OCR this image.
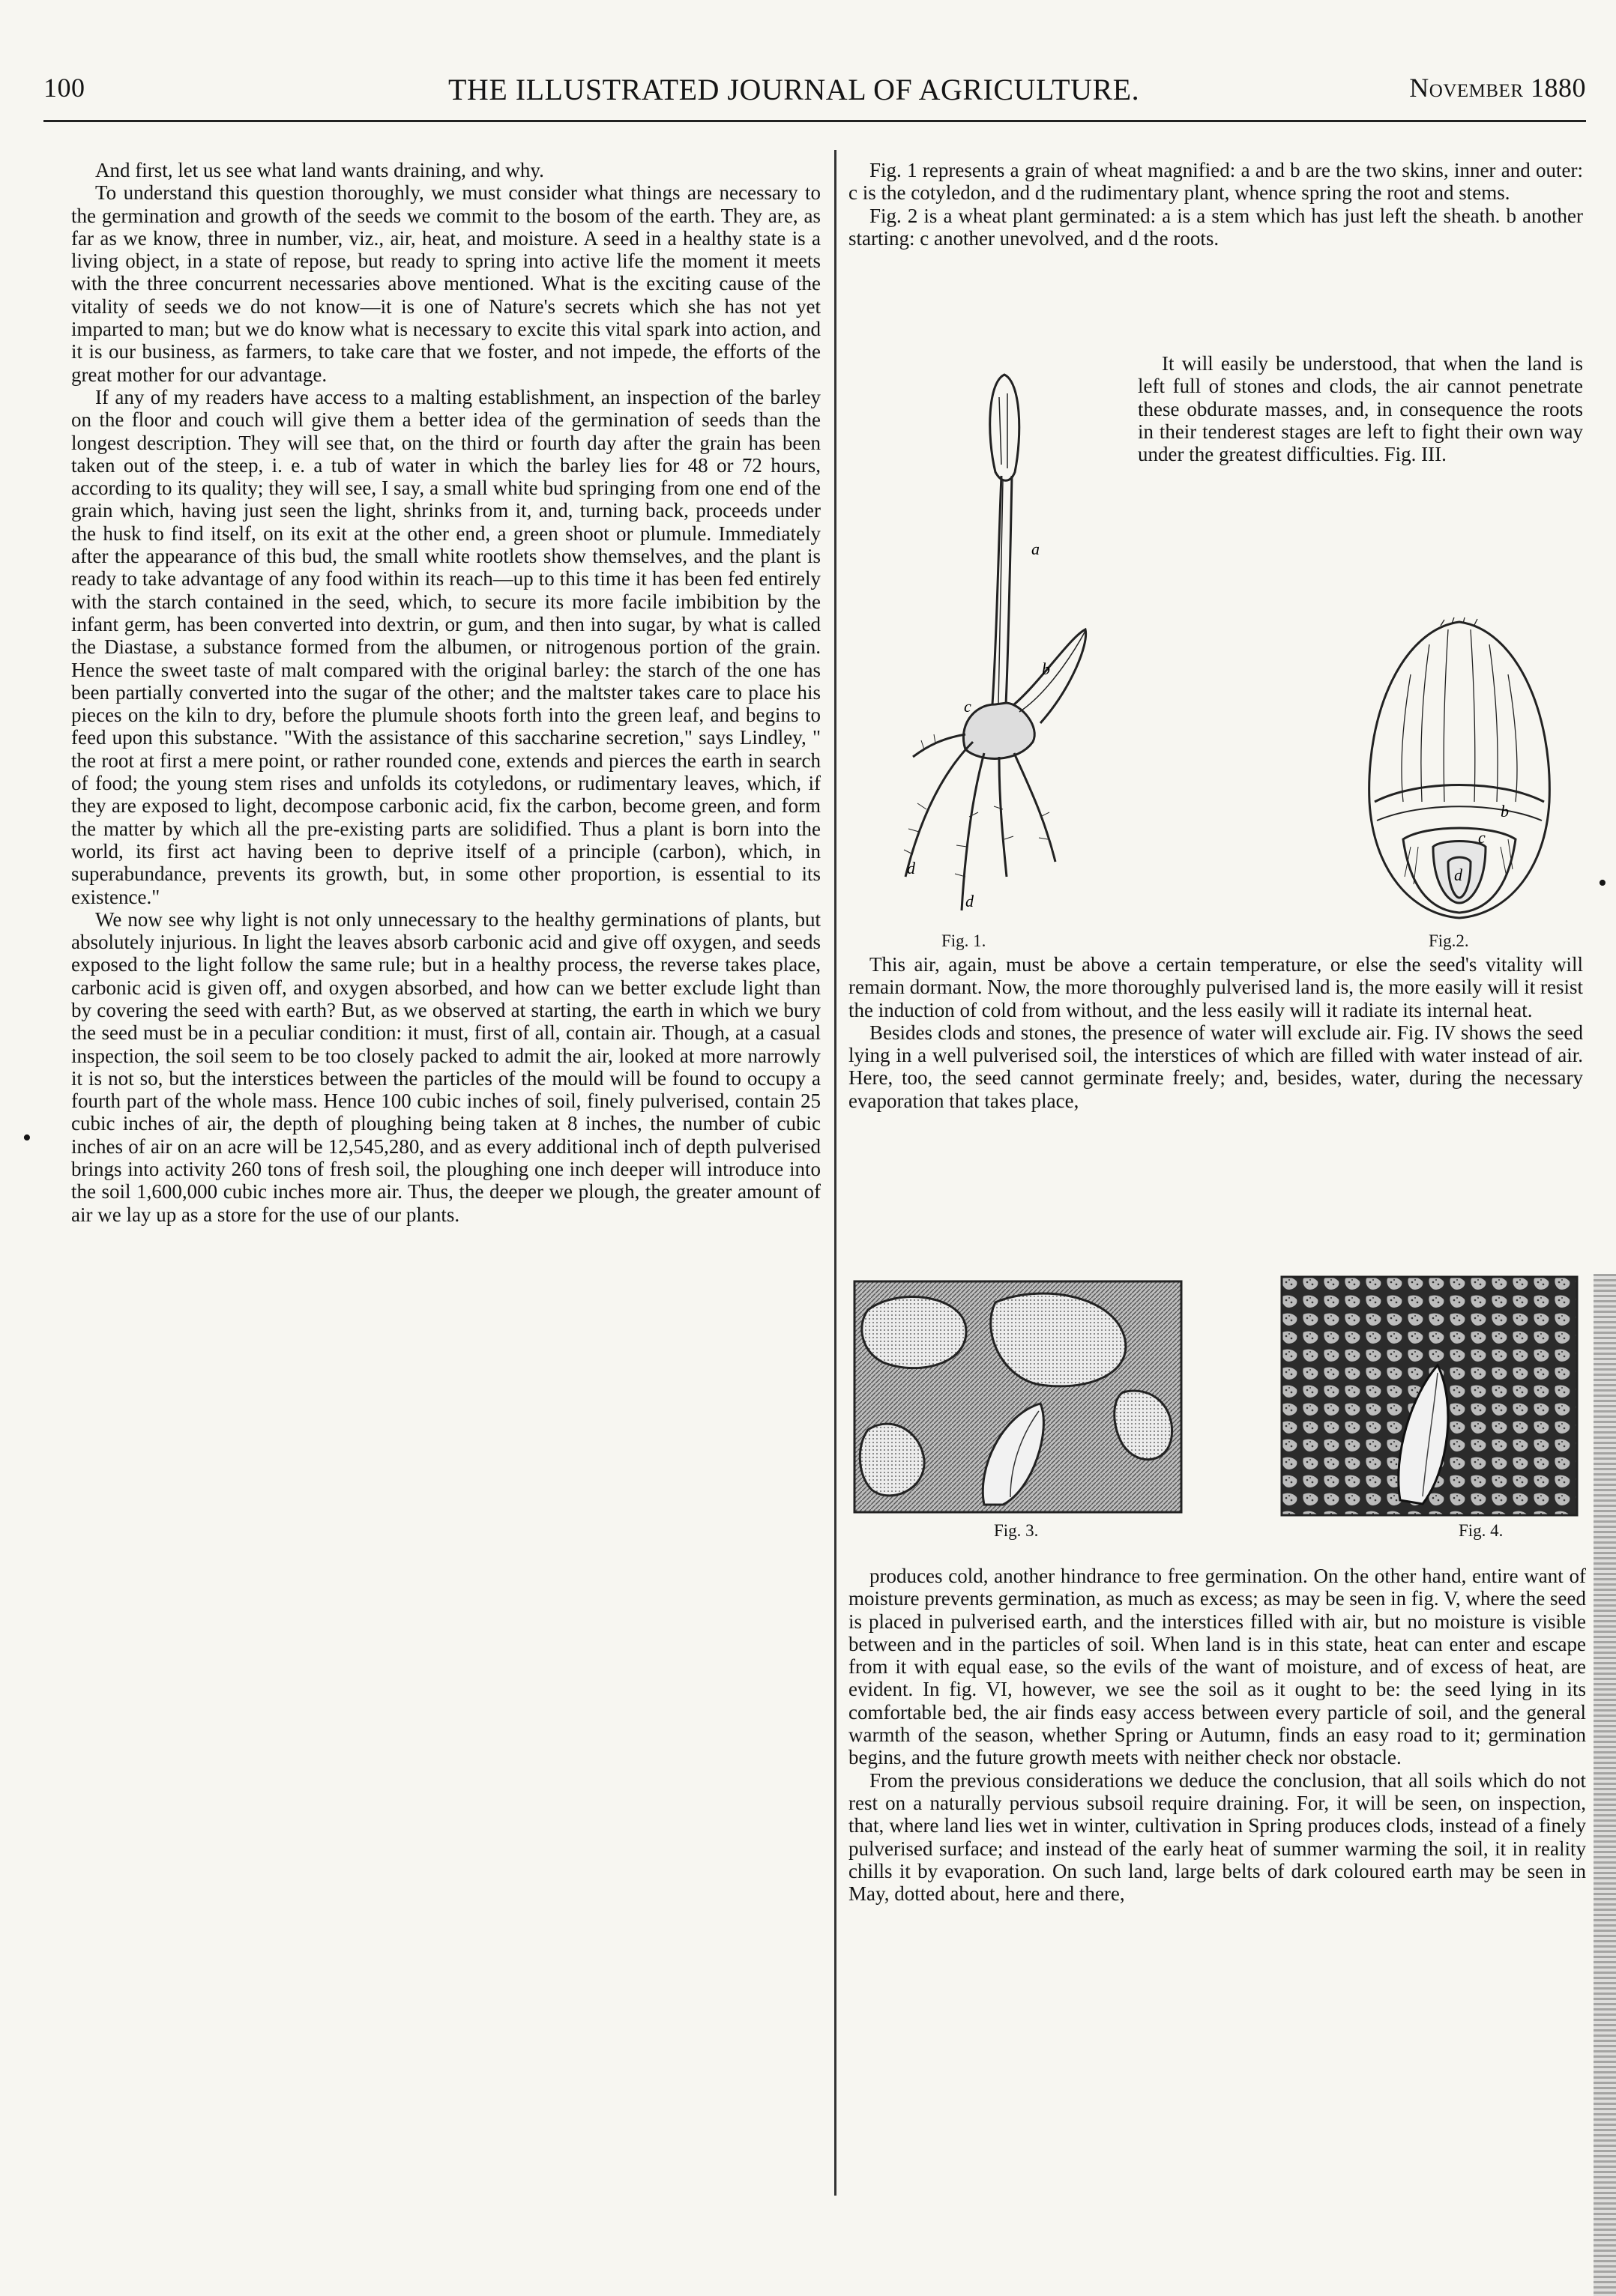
100	THE ILLUSTRATED JOURNAL OF AGRICULTURE.	November 1880

And first, let us see what land wants draining, and why.

To understand this question thoroughly, we must consider what things are necessary to the germination and growth of the seeds we commit to the bosom of the earth. They are, as far as we know, three in number, viz., air, heat, and moisture. A seed in a healthy state is a living object, in a state of repose, but ready to spring into active life the moment it meets with the three concurrent necessaries above mentioned. What is the exciting cause of the vitality of seeds we do not know—it is one of Nature's secrets which she has not yet imparted to man; but we do know what is necessary to excite this vital spark into action, and it is our business, as farmers, to take care that we foster, and not impede, the efforts of the great mother for our advantage.

If any of my readers have access to a malting establishment, an inspection of the barley on the floor and couch will give them a better idea of the germination of seeds than the longest description. They will see that, on the third or fourth day after the grain has been taken out of the steep, i. e. a tub of water in which the barley lies for 48 or 72 hours, according to its quality; they will see, I say, a small white bud springing from one end of the grain which, having just seen the light, shrinks from it, and, turning back, proceeds under the husk to find itself, on its exit at the other end, a green shoot or plumule. Immediately after the appearance of this bud, the small white rootlets show themselves, and the plant is ready to take advantage of any food within its reach—up to this time it has been fed entirely with the starch contained in the seed, which, to secure its more facile imbibition by the infant germ, has been converted into dextrin, or gum, and then into sugar, by what is called the Diastase, a substance formed from the albumen, or nitrogenous portion of the grain. Hence the sweet taste of malt compared with the original barley: the starch of the one has been partially converted into the sugar of the other; and the maltster takes care to place his pieces on the kiln to dry, before the plumule shoots forth into the green leaf, and begins to feed upon this substance. "With the assistance of this saccharine secretion," says Lindley, " the root at first a mere point, or rather rounded cone, extends and pierces the earth in search of food; the young stem rises and unfolds its cotyledons, or rudimentary leaves, which, if they are exposed to light, decompose carbonic acid, fix the carbon, become green, and form the matter by which all the pre-existing parts are solidified. Thus a plant is born into the world, its first act having been to deprive itself of a principle (carbon), which, in superabundance, prevents its growth, but, in some other proportion, is essential to its existence."

We now see why light is not only unnecessary to the healthy germinations of plants, but absolutely injurious. In light the leaves absorb carbonic acid and give off oxygen, and seeds exposed to the light follow the same rule; but in a healthy process, the reverse takes place, carbonic acid is given off, and oxygen absorbed, and how can we better exclude light than by covering the seed with earth? But, as we observed at starting, the earth in which we bury the seed must be in a peculiar condition: it must, first of all, contain air. Though, at a casual inspection, the soil seem to be too closely packed to admit the air, looked at more narrowly it is not so, but the interstices between the particles of the mould will be found to occupy a fourth part of the whole mass. Hence 100 cubic inches of soil, finely pulverised, contain 25 cubic inches of air, the depth of ploughing being taken at 8 inches, the number of cubic inches of air on an acre will be 12,545,280, and as every additional inch of depth pulverised brings into activity 260 tons of fresh soil, the ploughing one inch deeper will introduce into the soil 1,600,000 cubic inches more air. Thus, the deeper we plough, the greater amount of air we lay up as a store for the use of our plants.

Fig. 1 represents a grain of wheat magnified: a and b are the two skins, inner and outer: c is the cotyledon, and d the rudimentary plant, whence spring the root and stems.

Fig. 2 is a wheat plant germinated: a is a stem which has just left the sheath. b another starting: c another unevolved, and d the roots.

It will easily be understood, that when the land is left full of stones and clods, the air cannot penetrate these obdurate masses, and, in consequence the roots in their tenderest stages are left to fight their own way under the greatest difficulties. Fig. III.

a
b
c
d
d
Fig. 1.
b
c
d
Fig.2.

This air, again, must be above a certain temperature, or else the seed's vitality will remain dormant. Now, the more thoroughly pulverised land is, the more easily will it resist the induction of cold from without, and the less easily will it radiate its internal heat.

Besides clods and stones, the presence of water will exclude air. Fig. IV shows the seed lying in a well pulverised soil, the interstices of which are filled with water instead of air. Here, too, the seed cannot germinate freely; and, besides, water, during the necessary evaporation that takes place,

Fig. 3.	Fig. 4.

produces cold, another hindrance to free germination. On the other hand, entire want of moisture prevents germination, as much as excess; as may be seen in fig. V, where the seed is placed in pulverised earth, and the interstices filled with air, but no moisture is visible between and in the particles of soil. When land is in this state, heat can enter and escape from it with equal ease, so the evils of the want of moisture, and of excess of heat, are evident. In fig. VI, however, we see the soil as it ought to be: the seed lying in its comfortable bed, the air finds easy access between every particle of soil, and the general warmth of the season, whether Spring or Autumn, finds an easy road to it; germination begins, and the future growth meets with neither check nor obstacle.

From the previous considerations we deduce the conclusion, that all soils which do not rest on a naturally pervious subsoil require draining. For, it will be seen, on inspection, that, where land lies wet in winter, cultivation in Spring produces clods, instead of a finely pulverised surface; and instead of the early heat of summer warming the soil, it in reality chills it by evaporation. On such land, large belts of dark coloured earth may be seen in May, dotted about, here and there,

•
•
